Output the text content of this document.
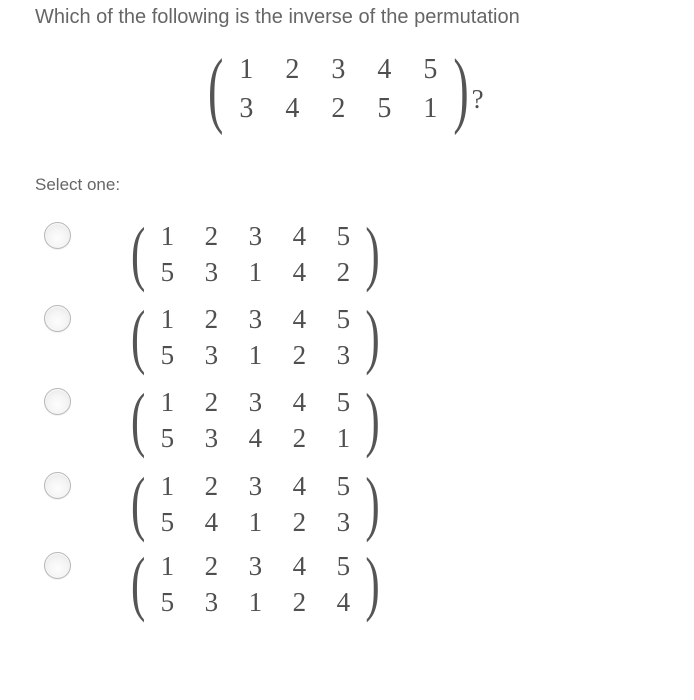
Which of the following is the inverse of the permutation
( 1 2 3 4 5
3 4 2 5 1 ) ?
Select one:
( 1 2 3 4 5
5 3 1 4 2 )
( 1 2 3 4 5
5 3 1 2 3 )
( 1 2 3 4 5
5 3 4 2 1 )
( 1 2 3 4 5
5 4 1 2 3 )
( 1 2 3 4 5
5 3 1 2 4 )
